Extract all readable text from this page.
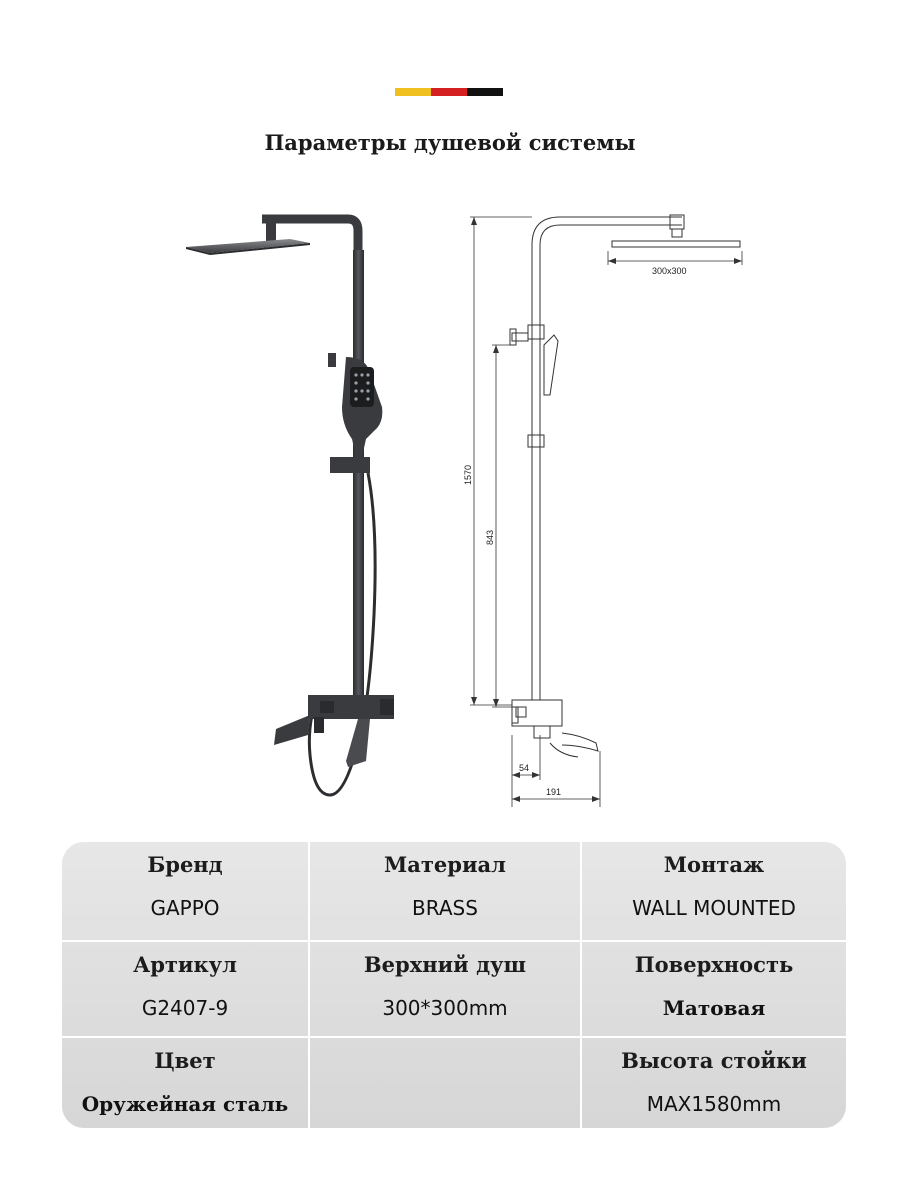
Параметры душевой системы
300x300
1570
843
54
191
Бренд
GAPPO
Материал
BRASS
Монтаж
WALL MOUNTED
Артикул
G2407-9
Верхний душ
300*300mm
Поверхность
Матовая
Цвет
Оружейная сталь
Высота стойки
MAX1580mm
